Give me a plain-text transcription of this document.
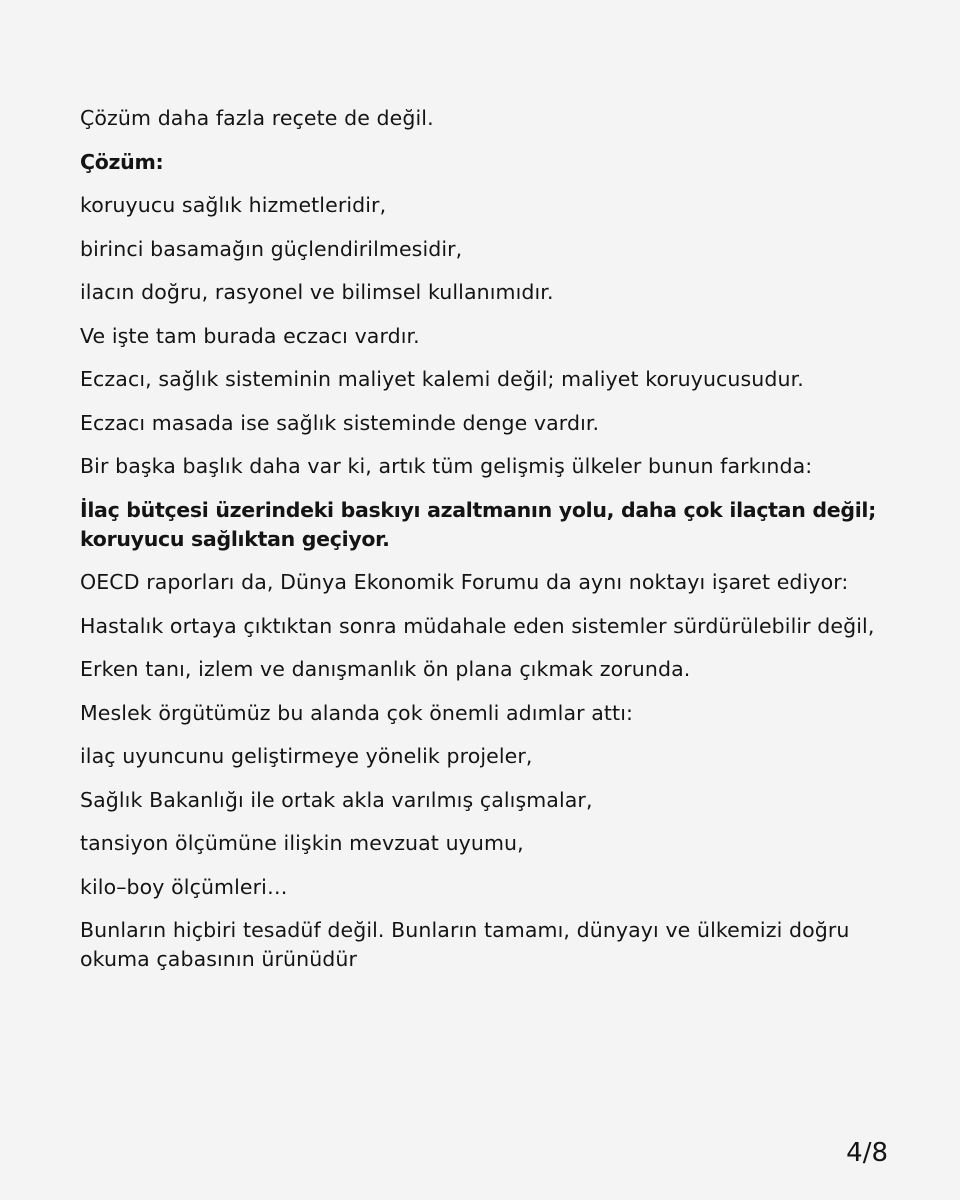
Çözüm daha fazla reçete de değil.

Çözüm:

koruyucu sağlık hizmetleridir,

birinci basamağın güçlendirilmesidir,

ilacın doğru, rasyonel ve bilimsel kullanımıdır.

Ve işte tam burada eczacı vardır.

Eczacı, sağlık sisteminin maliyet kalemi değil; maliyet koruyucusudur.

Eczacı masada ise sağlık sisteminde denge vardır.

Bir başka başlık daha var ki, artık tüm gelişmiş ülkeler bunun farkında:

İlaç bütçesi üzerindeki baskıyı azaltmanın yolu, daha çok ilaçtan değil; koruyucu sağlıktan geçiyor.

OECD raporları da, Dünya Ekonomik Forumu da aynı noktayı işaret ediyor:

Hastalık ortaya çıktıktan sonra müdahale eden sistemler sürdürülebilir değil,

Erken tanı, izlem ve danışmanlık ön plana çıkmak zorunda.

Meslek örgütümüz bu alanda çok önemli adımlar attı:

ilaç uyuncunu geliştirmeye yönelik projeler,

Sağlık Bakanlığı ile ortak akla varılmış çalışmalar,

tansiyon ölçümüne ilişkin mevzuat uyumu,

kilo–boy ölçümleri…

Bunların hiçbiri tesadüf değil. Bunların tamamı, dünyayı ve ülkemizi doğru okuma çabasının ürünüdür

4/8
